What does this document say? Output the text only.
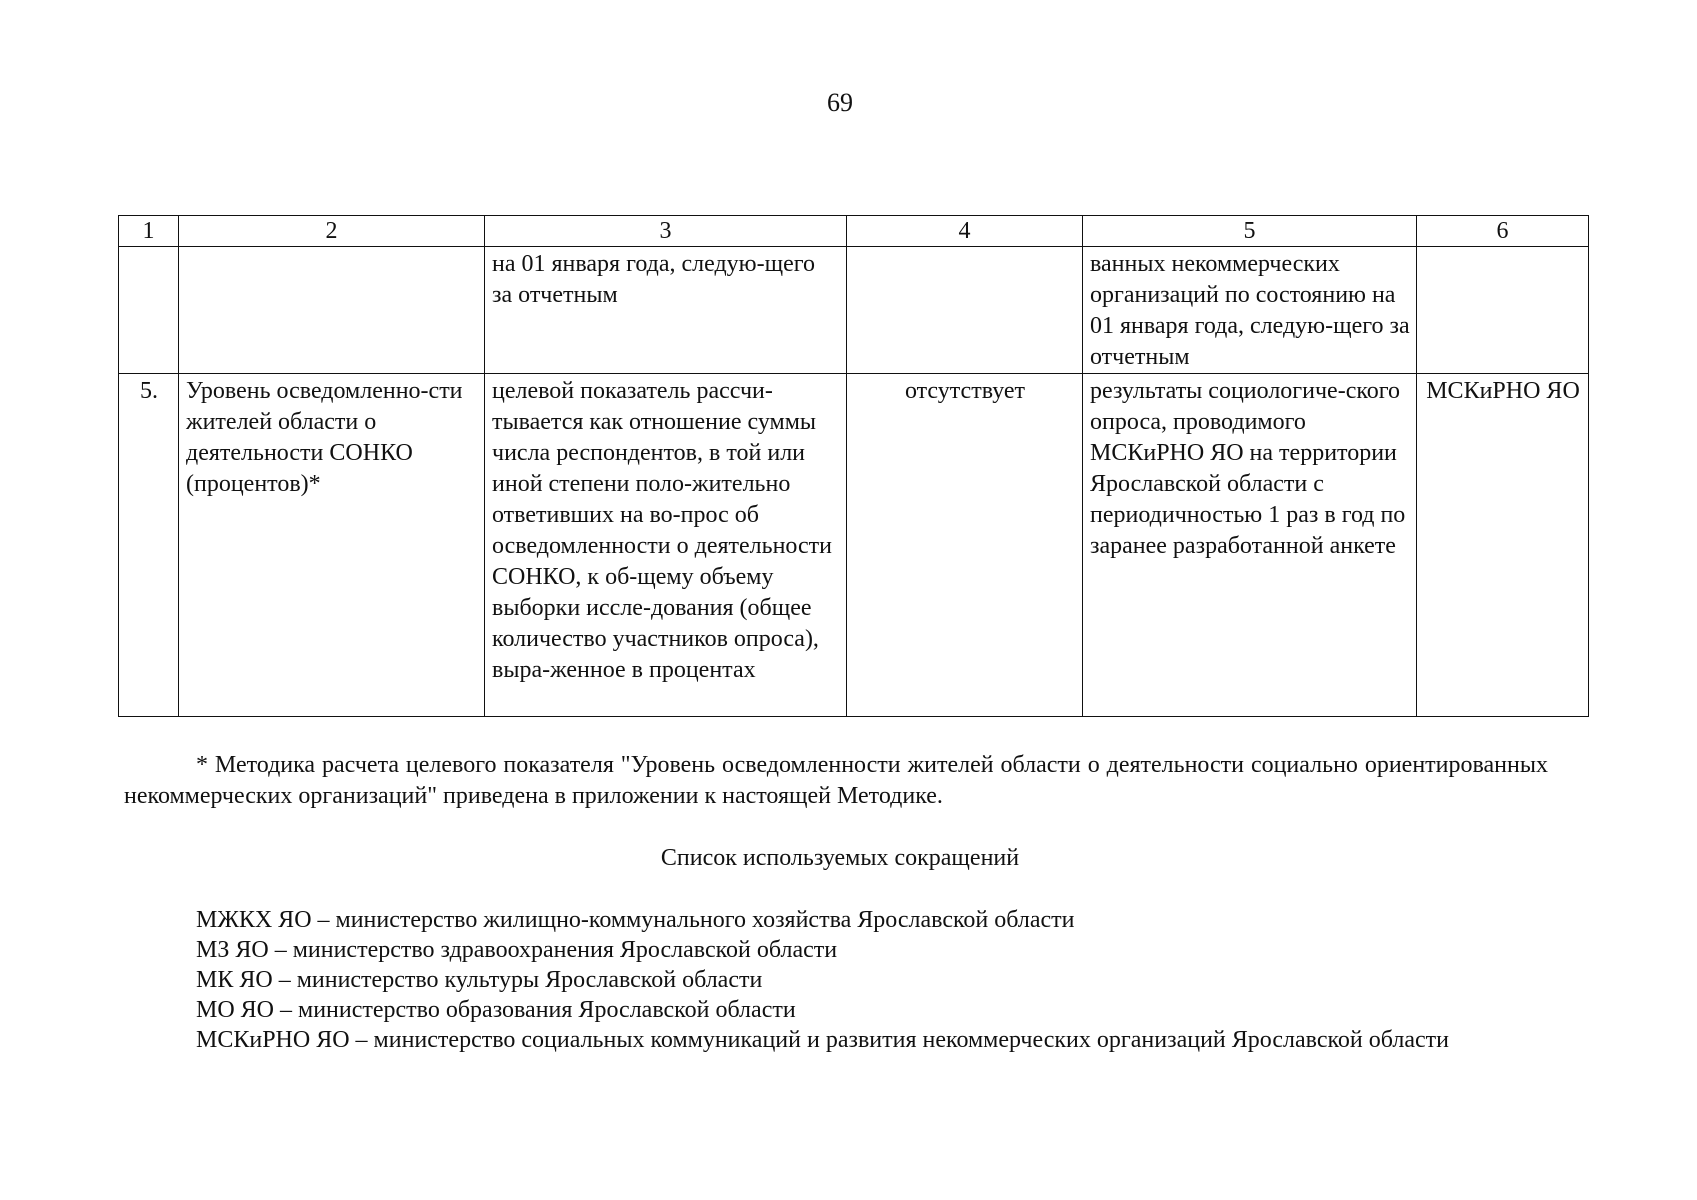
69
1	2	3	4	5	6
		на 01 января года, следую-щего за отчетным		ванных некоммерческих организаций по состоянию на 01 января года, следую-щего за отчетным	
5.	Уровень осведомленно-сти жителей области о деятельности СОНКО (процентов)*	целевой показатель рассчи-тывается как отношение суммы числа респондентов, в той или иной степени поло-жительно ответивших на во-прос об осведомленности о деятельности СОНКО, к об-щему объему выборки иссле-дования (общее количество участников опроса), выра-женное в процентах	отсутствует	результаты социологиче-ского опроса, проводимого МСКиРНО ЯО на территории Ярославской области с периодичностью 1 раз в год по заранее разработанной анкете	МСКиРНО ЯО
* Методика расчета целевого показателя "Уровень осведомленности жителей области о деятельности социально ориентированных некоммерческих организаций" приведена в приложении к настоящей Методике.
Список используемых сокращений
МЖКХ ЯО – министерство жилищно-коммунального хозяйства Ярославской области
МЗ ЯО – министерство здравоохранения Ярославской области
МК ЯО – министерство культуры Ярославской области
МО ЯО – министерство образования Ярославской области
МСКиРНО ЯО – министерство социальных коммуникаций и развития некоммерческих организаций Ярославской области
